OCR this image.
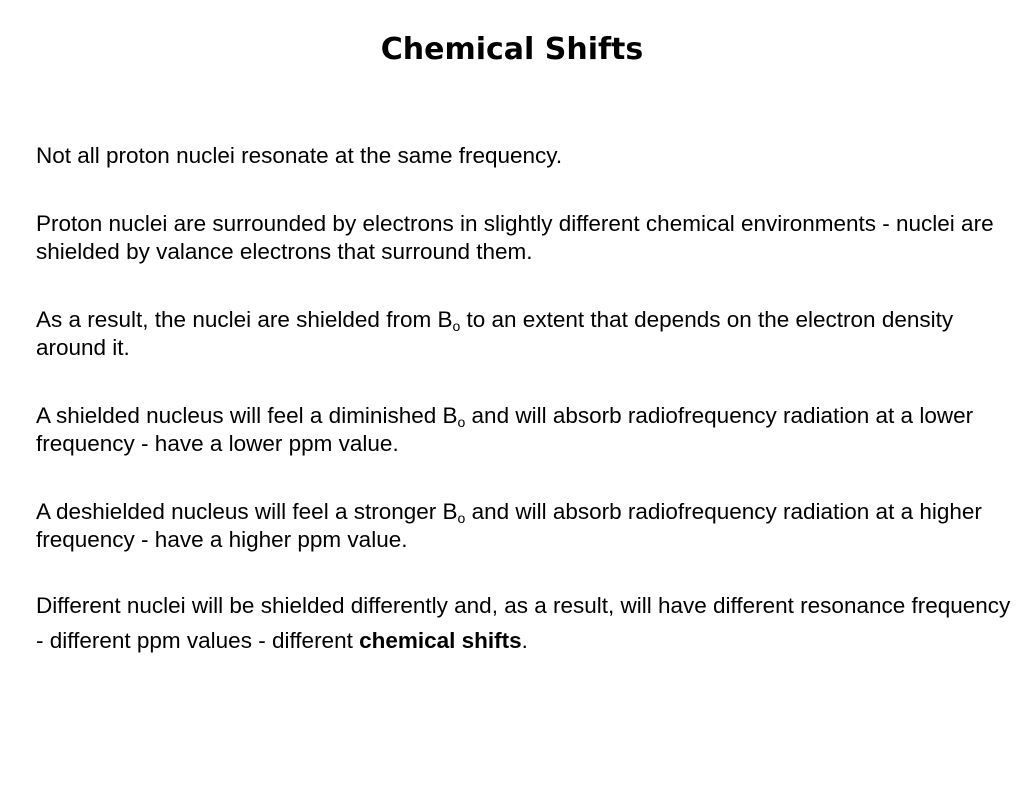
Chemical Shifts

Not all proton nuclei resonate at the same frequency.

Proton nuclei are surrounded by electrons in slightly different chemical environments - nuclei are shielded by valance electrons that surround them.

As a result, the nuclei are shielded from $B_o$ to an extent that depends on the electron density around it.

A shielded nucleus will feel a diminished $B_o$ and will absorb radiofrequency radiation at a lower frequency - have a lower ppm value.

A deshielded nucleus will feel a stronger $B_o$ and will absorb radiofrequency radiation at a higher frequency - have a higher ppm value.

Different nuclei will be shielded differently and, as a result, will have different resonance frequency - different ppm values - different chemical shifts.
